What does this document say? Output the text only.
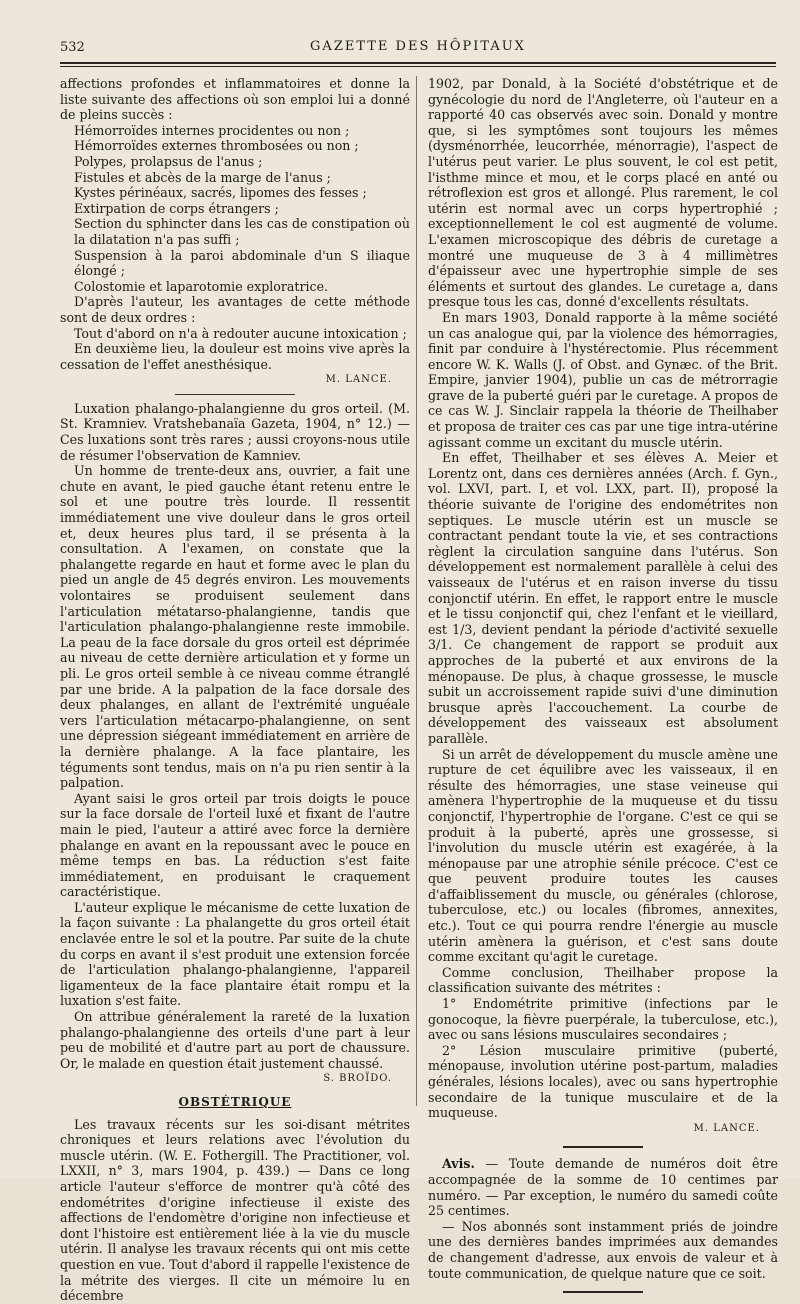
532	GAZETTE DES HÔPITAUX

affections profondes et inflammatoires et donne la liste suivante des affections où son emploi lui a donné de pleins succès :

Hémorroïdes internes procidentes ou non ;

Hémorroïdes externes thrombosées ou non ;

Polypes, prolapsus de l'anus ;

Fistules et abcès de la marge de l'anus ;

Kystes périnéaux, sacrés, lipomes des fesses ;

Extirpation de corps étrangers ;

Section du sphincter dans les cas de constipation où la dilatation n'a pas suffi ;

Suspension à la paroi abdominale d'un S iliaque élongé ;

Colostomie et laparotomie exploratrice.

D'après l'auteur, les avantages de cette méthode sont de deux ordres :

Tout d'abord on n'a à redouter aucune intoxication ;

En deuxième lieu, la douleur est moins vive après la cessation de l'effet anesthésique.

M. LANCE.

Luxation phalango-phalangienne du gros orteil. (M. St. Kramniev. Vratshebanaïa Gazeta, 1904, n° 12.) — Ces luxations sont très rares ; aussi croyons-nous utile de résumer l'observation de Kamniev.

Un homme de trente-deux ans, ouvrier, a fait une chute en avant, le pied gauche étant retenu entre le sol et une poutre très lourde. Il ressentit immédiatement une vive douleur dans le gros orteil et, deux heures plus tard, il se présenta à la consultation. A l'examen, on constate que la phalangette regarde en haut et forme avec le plan du pied un angle de 45 degrés environ. Les mouvements volontaires se produisent seulement dans l'articulation métatarso-phalangienne, tandis que l'articulation phalango-phalangienne reste immobile. La peau de la face dorsale du gros orteil est déprimée au niveau de cette dernière articulation et y forme un pli. Le gros orteil semble à ce niveau comme étranglé par une bride. A la palpation de la face dorsale des deux phalanges, en allant de l'extrémité unguéale vers l'articulation métacarpo-phalangienne, on sent une dépression siégeant immédiatement en arrière de la dernière phalange. A la face plantaire, les téguments sont tendus, mais on n'a pu rien sentir à la palpation.

Ayant saisi le gros orteil par trois doigts le pouce sur la face dorsale de l'orteil luxé et fixant de l'autre main le pied, l'auteur a attiré avec force la dernière phalange en avant en la repoussant avec le pouce en même temps en bas. La réduction s'est faite immédiatement, en produisant le craquement caractéristique.

L'auteur explique le mécanisme de cette luxation de la façon suivante : La phalangette du gros orteil était enclavée entre le sol et la poutre. Par suite de la chute du corps en avant il s'est produit une extension forcée de l'articulation phalango-phalangienne, l'appareil ligamenteux de la face plantaire était rompu et la luxation s'est faite.

On attribue généralement la rareté de la luxation phalango-phalangienne des orteils d'une part à leur peu de mobilité et d'autre part au port de chaussure. Or, le malade en question était justement chaussé.

S. BROÏDO.

OBSTÉTRIQUE

Les travaux récents sur les soi-disant métrites chroniques et leurs relations avec l'évolution du muscle utérin. (W. E. Fothergill. The Practitioner, vol. LXXII, n° 3, mars 1904, p. 439.) — Dans ce long article l'auteur s'efforce de montrer qu'à côté des endométrites d'origine infectieuse il existe des affections de l'endomètre d'origine non infectieuse et dont l'histoire est entièrement liée à la vie du muscle utérin. Il analyse les travaux récents qui ont mis cette question en vue. Tout d'abord il rappelle l'existence de la métrite des vierges. Il cite un mémoire lu en décembre

1902, par Donald, à la Société d'obstétrique et de gynécologie du nord de l'Angleterre, où l'auteur en a rapporté 40 cas observés avec soin. Donald y montre que, si les symptômes sont toujours les mêmes (dysménorrhée, leucorrhée, ménorragie), l'aspect de l'utérus peut varier. Le plus souvent, le col est petit, l'isthme mince et mou, et le corps placé en anté ou rétroflexion est gros et allongé. Plus rarement, le col utérin est normal avec un corps hypertrophié ; exceptionnellement le col est augmenté de volume. L'examen microscopique des débris de curetage a montré une muqueuse de 3 à 4 millimètres d'épaisseur avec une hypertrophie simple de ses éléments et surtout des glandes. Le curetage a, dans presque tous les cas, donné d'excellents résultats.

En mars 1903, Donald rapporte à la même société un cas analogue qui, par la violence des hémorragies, finit par conduire à l'hystérectomie. Plus récemment encore W. K. Walls (J. of Obst. and Gynæc. of the Brit. Empire, janvier 1904), publie un cas de métrorragie grave de la puberté guéri par le curetage. A propos de ce cas W. J. Sinclair rappela la théorie de Theilhaber et proposa de traiter ces cas par une tige intra-utérine agissant comme un excitant du muscle utérin.

En effet, Theilhaber et ses élèves A. Meier et Lorentz ont, dans ces dernières années (Arch. f. Gyn., vol. LXVI, part. I, et vol. LXX, part. II), proposé la théorie suivante de l'origine des endométrites non septiques. Le muscle utérin est un muscle se contractant pendant toute la vie, et ses contractions règlent la circulation sanguine dans l'utérus. Son développement est normalement parallèle à celui des vaisseaux de l'utérus et en raison inverse du tissu conjonctif utérin. En effet, le rapport entre le muscle et le tissu conjonctif qui, chez l'enfant et le vieillard, est 1/3, devient pendant la période d'activité sexuelle 3/1. Ce changement de rapport se produit aux approches de la puberté et aux environs de la ménopause. De plus, à chaque grossesse, le muscle subit un accroissement rapide suivi d'une diminution brusque après l'accouchement. La courbe de développement des vaisseaux est absolument parallèle.

Si un arrêt de développement du muscle amène une rupture de cet équilibre avec les vaisseaux, il en résulte des hémorragies, une stase veineuse qui amènera l'hypertrophie de la muqueuse et du tissu conjonctif, l'hypertrophie de l'organe. C'est ce qui se produit à la puberté, après une grossesse, si l'involution du muscle utérin est exagérée, à la ménopause par une atrophie sénile précoce. C'est ce que peuvent produire toutes les causes d'affaiblissement du muscle, ou générales (chlorose, tuberculose, etc.) ou locales (fibromes, annexites, etc.). Tout ce qui pourra rendre l'énergie au muscle utérin amènera la guérison, et c'est sans doute comme excitant qu'agit le curetage.

Comme conclusion, Theilhaber propose la classification suivante des métrites :

1° Endométrite primitive (infections par le gonocoque, la fièvre puerpérale, la tuberculose, etc.), avec ou sans lésions musculaires secondaires ;

2° Lésion musculaire primitive (puberté, ménopause, involution utérine post-partum, maladies générales, lésions locales), avec ou sans hypertrophie secondaire de la tunique musculaire et de la muqueuse.

M. LANCE.

Avis. — Toute demande de numéros doit être accompagnée de la somme de 10 centimes par numéro. — Par exception, le numéro du samedi coûte 25 centimes.

— Nos abonnés sont instamment priés de joindre une des dernières bandes imprimées aux demandes de changement d'adresse, aux envois de valeur et à toute communication, de quelque nature que ce soit.
